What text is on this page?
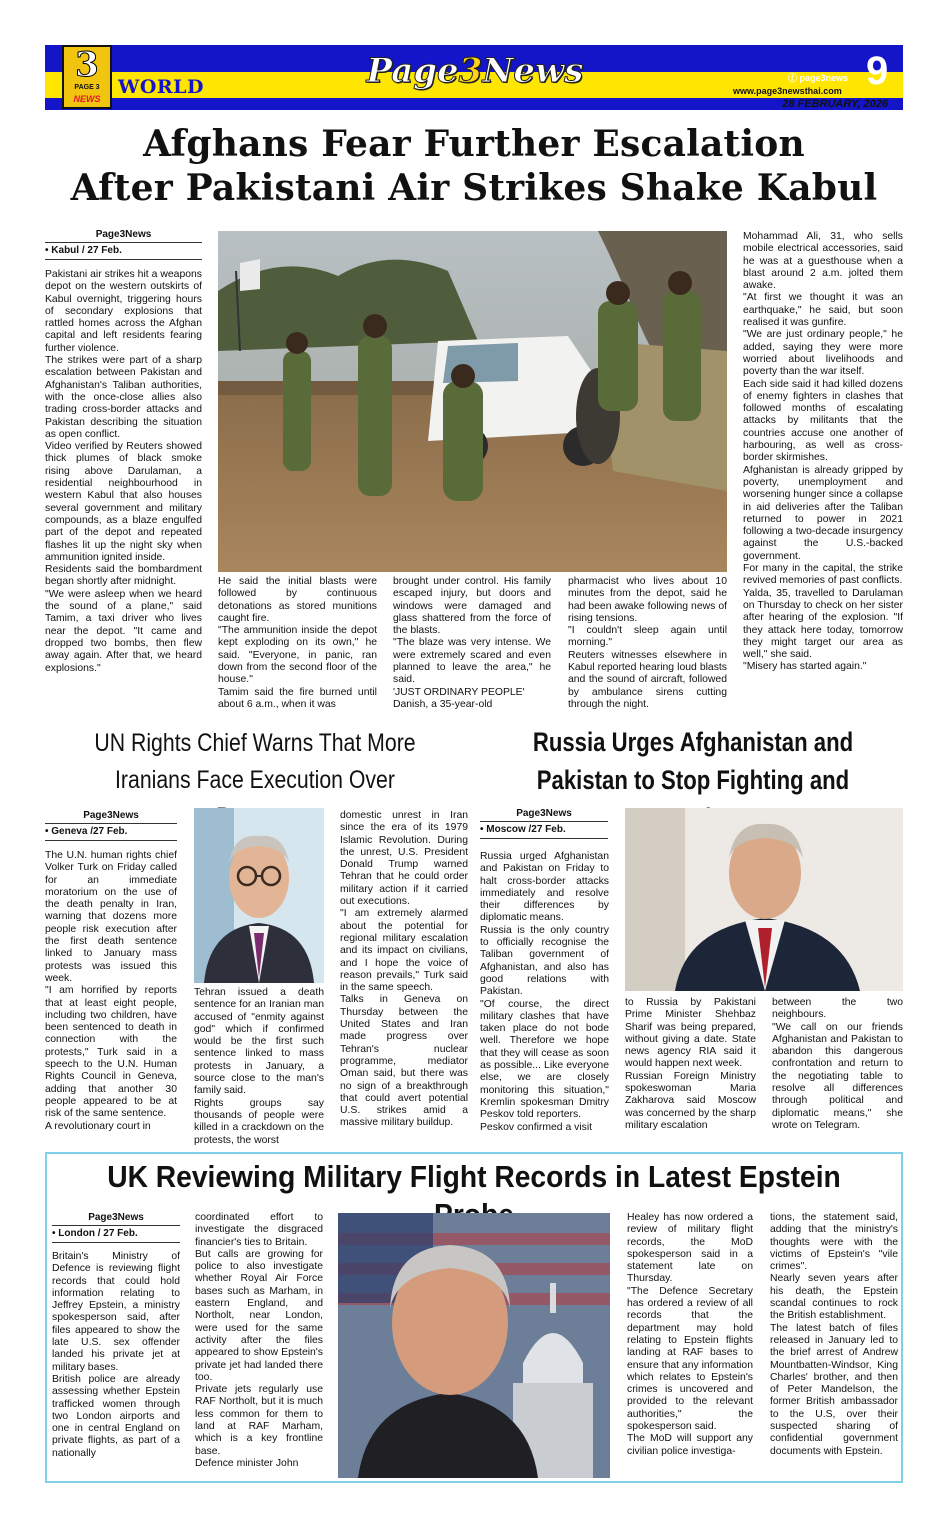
3
PAGE 3
NEWS
WORLD	Page3News	ⓕ page3news
www.page3newsthai.com 9
28 FEBRUARY, 2026
Afghans Fear Further Escalation
After Pakistani Air Strikes Shake Kabul
Page3News
• Kabul / 27 Feb.

Pakistani air strikes hit a weapons depot on the western outskirts of Kabul overnight, triggering hours of secondary explosions that rattled homes across the Afghan capital and left residents fearing further violence.

The strikes were part of a sharp escalation between Pakistan and Afghanistan's Taliban authorities, with the once-close allies also trading cross-border attacks and Pakistan describing the situation as open conflict.

Video verified by Reuters showed thick plumes of black smoke rising above Darulaman, a residential neighbourhood in western Kabul that also houses several government and military compounds, as a blaze engulfed part of the depot and repeated flashes lit up the night sky when ammunition ignited inside.

Residents said the bombardment began shortly after midnight.

"We were asleep when we heard the sound of a plane," said Tamim, a taxi driver who lives near the depot. "It came and dropped two bombs, then flew away again. After that, we heard explosions."

He said the initial blasts were followed by continuous detonations as stored munitions caught fire.

"The ammunition inside the depot kept exploding on its own," he said. "Everyone, in panic, ran down from the second floor of the house."

Tamim said the fire burned until about 6 a.m., when it was

brought under control. His family escaped injury, but doors and windows were damaged and glass shattered from the force of the blasts.

"The blaze was very intense. We were extremely scared and even planned to leave the area," he said.

'JUST ORDINARY PEOPLE'

Danish, a 35-year-old

pharmacist who lives about 10 minutes from the depot, said he had been awake following news of rising tensions.

"I couldn't sleep again until morning."

Reuters witnesses elsewhere in Kabul reported hearing loud blasts and the sound of aircraft, followed by ambulance sirens cutting through the night.

Mohammad Ali, 31, who sells mobile electrical accessories, said he was at a guesthouse when a blast around 2 a.m. jolted them awake.

"At first we thought it was an earthquake," he said, but soon realised it was gunfire.

"We are just ordinary people," he added, saying they were more worried about livelihoods and poverty than the war itself.

Each side said it had killed dozens of enemy fighters in clashes that followed months of escalating attacks by militants that the countries accuse one another of harbouring, as well as cross-border skirmishes.

Afghanistan is already gripped by poverty, unemployment and worsening hunger since a collapse in aid deliveries after the Taliban returned to power in 2021 following a two-decade insurgency against the U.S.-backed government.

For many in the capital, the strike revived memories of past conflicts.

Yalda, 35, travelled to Darulaman on Thursday to check on her sister after hearing of the explosion. "If they attack here today, tomorrow they might target our area as well," she said.

"Misery has started again."

UN Rights Chief Warns That More
Iranians Face Execution Over
Page3News
• Geneva /27 Feb.

The U.N. human rights chief Volker Turk on Friday called for an immediate moratorium on the use of the death penalty in Iran, warning that dozens more people risk execution after the first death sentence linked to January mass protests was issued this week.

"I am horrified by reports that at least eight people, including two children, have been sentenced to death in connection with the protests," Turk said in a speech to the U.N. Human Rights Council in Geneva, adding that another 30 people appeared to be at risk of the same sentence.

A revolutionary court in

Tehran issued a death sentence for an Iranian man accused of "enmity against god" which if confirmed would be the first such sentence linked to mass protests in January, a source close to the man's family said.

Rights groups say thousands of people were killed in a crackdown on the protests, the worst

domestic unrest in Iran since the era of its 1979 Islamic Revolution. During the unrest, U.S. President Donald Trump warned Tehran that he could order military action if it carried out executions.

"I am extremely alarmed about the potential for regional military escalation and its impact on civilians, and I hope the voice of reason prevails," Turk said in the same speech.

Talks in Geneva on Thursday between the United States and Iran made progress over Tehran's nuclear programme, mediator Oman said, but there was no sign of a breakthrough that could avert potential U.S. strikes amid a massive military buildup.

Russia Urges Afghanistan and
Pakistan to Stop Fighting and
Page3News
• Moscow /27 Feb.

Russia urged Afghanistan and Pakistan on Friday to halt cross-border attacks immediately and resolve their differences by diplomatic means.

Russia is the only country to officially recognise the Taliban government of Afghanistan, and also has good relations with Pakistan.

"Of course, the direct military clashes that have taken place do not bode well. Therefore we hope that they will cease as soon as possible... Like everyone else, we are closely monitoring this situation," Kremlin spokesman Dmitry Peskov told reporters.

Peskov confirmed a visit

to Russia by Pakistani Prime Minister Shehbaz Sharif was being prepared, without giving a date. State news agency RIA said it would happen next week.

Russian Foreign Ministry spokeswoman Maria Zakharova said Moscow was concerned by the sharp military escalation

between the two neighbours.

"We call on our friends Afghanistan and Pakistan to abandon this dangerous confrontation and return to the negotiating table to resolve all differences through political and diplomatic means," she wrote on Telegram.

UK Reviewing Military Flight Records in Latest Epstein
Page3News
• London / 27 Feb.

Britain's Ministry of Defence is reviewing flight records that could hold information relating to Jeffrey Epstein, a ministry spokesperson said, after files appeared to show the late U.S. sex offender landed his private jet at military bases.

British police are already assessing whether Epstein trafficked women through two London airports and one in central England on private flights, as part of a nationally

coordinated effort to investigate the disgraced financier's ties to Britain.

But calls are growing for police to also investigate whether Royal Air Force bases such as Marham, in eastern England, and Northolt, near London, were used for the same activity after the files appeared to show Epstein's private jet had landed there too.

Private jets regularly use RAF Northolt, but it is much less common for them to land at RAF Marham, which is a key frontline base.

Defence minister John

Healey has now ordered a review of military flight records, the MoD spokesperson said in a statement late on Thursday.

"The Defence Secretary has ordered a review of all records that the department may hold relating to Epstein flights landing at RAF bases to ensure that any information which relates to Epstein's crimes is uncovered and provided to the relevant authorities," the spokesperson said.

The MoD will support any civilian police investiga-

tions, the statement said, adding that the ministry's thoughts were with the victims of Epstein's "vile crimes".

Nearly seven years after his death, the Epstein scandal continues to rock the British establishment.

The latest batch of files released in January led to the brief arrest of Andrew Mountbatten-Windsor, King Charles' brother, and then of Peter Mandelson, the former British ambassador to the U.S, over their suspected sharing of confidential government documents with Epstein.
